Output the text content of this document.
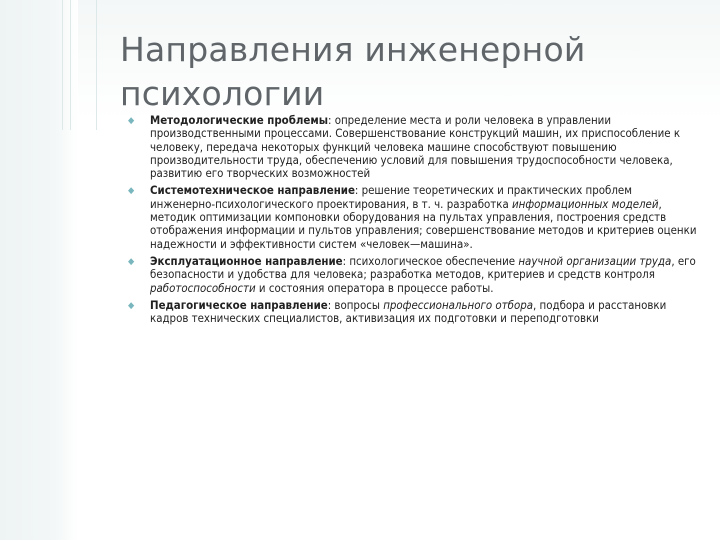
Направления инженерной
психологии
◆ Методологические проблемы: определение места и роли человека в управлении производственными процессами. Совершенствование конструкций машин, их приспособление к человеку, передача некоторых функций человека машине способствуют повышению производительности труда, обеспечению условий для повышения трудоспособности человека, развитию его творческих возможностей
◆ Системотехническое направление: решение теоретических и практических проблем инженерно-психологического проектирования, в т. ч. разработка информационных моделей, методик оптимизации компоновки оборудования на пультах управления, построения средств отображения информации и пультов управления; совершенствование методов и критериев оценки надежности и эффективности систем «человек—машина».
◆ Эксплуатационное направление: психологическое обеспечение научной организации труда, его безопасности и удобства для человека; разработка методов, критериев и средств контроля работоспособности и состояния оператора в процессе работы.
◆ Педагогическое направление: вопросы профессионального отбора, подбора и расстановки кадров технических специалистов, активизация их подготовки и переподготовки
